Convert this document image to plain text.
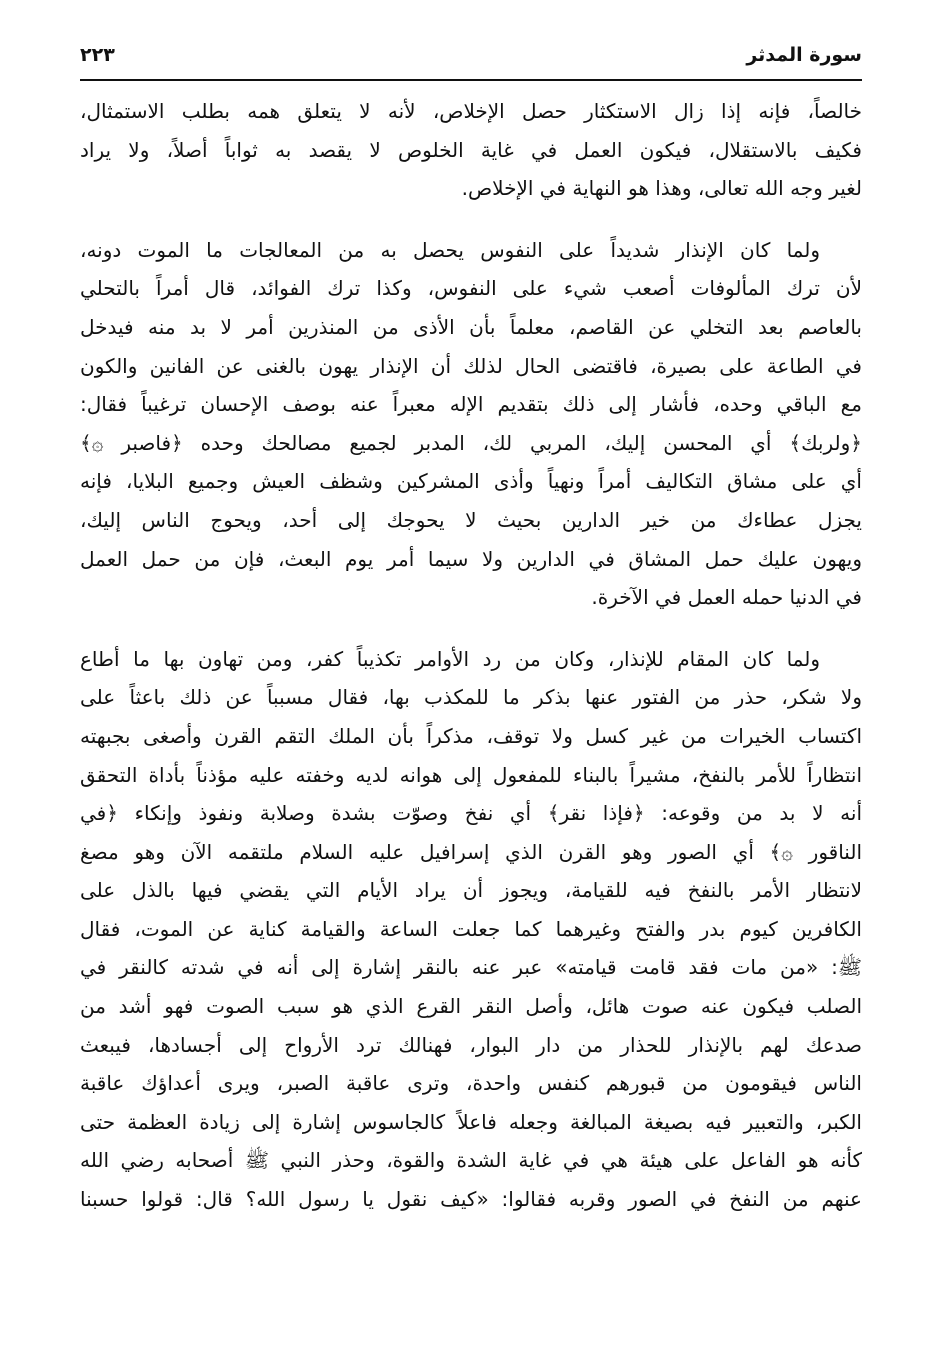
سورة المدثر
٢٢٣
خالصاً، فإنه إذا زال الاستكثار حصل الإخلاص، لأنه لا يتعلق همه بطلب الاستمثال،
فكيف بالاستقلال، فيكون العمل في غاية الخلوص لا يقصد به ثواباً أصلاً، ولا يراد
لغير وجه الله تعالى، وهذا هو النهاية في الإخلاص.
ولما كان الإنذار شديداً على النفوس يحصل به من المعالجات ما الموت دونه،
لأن ترك المألوفات أصعب شيء على النفوس، وكذا ترك الفوائد، قال أمراً بالتحلي
بالعاصم بعد التخلي عن القاصم، معلماً بأن الأذى من المنذرين أمر لا بد منه فيدخل
في الطاعة على بصيرة، فاقتضى الحال لذلك أن الإنذار يهون بالغنى عن الفانين والكون
مع الباقي وحده، فأشار إلى ذلك بتقديم الإله معبراً عنه بوصف الإحسان ترغيباً فقال:
﴿ولربك﴾ أي المحسن إليك، المربي لك، المدبر لجميع مصالحك وحده ﴿فاصبر ۞﴾
أي على مشاق التكاليف أمراً ونهياً وأذى المشركين وشظف العيش وجميع البلايا، فإنه
يجزل عطاءك من خير الدارين بحيث لا يحوجك إلى أحد، ويحوج الناس إليك،
ويهون عليك حمل المشاق في الدارين ولا سيما أمر يوم البعث، فإن من حمل العمل
في الدنيا حمله العمل في الآخرة.
ولما كان المقام للإنذار، وكان من رد الأوامر تكذيباً كفر، ومن تهاون بها ما أطاع
ولا شكر، حذر من الفتور عنها بذكر ما للمكذب بها، فقال مسبباً عن ذلك باعثاً على
اكتساب الخيرات من غير كسل ولا توقف، مذكراً بأن الملك التقم القرن وأصغى بجبهته
انتظاراً للأمر بالنفخ، مشيراً بالبناء للمفعول إلى هوانه لديه وخفته عليه مؤذناً بأداة التحقق
أنه لا بد من وقوعه: ﴿فإذا نقر﴾ أي نفخ وصوّت بشدة وصلابة ونفوذ وإنكاء ﴿في
الناقور ۞﴾ أي الصور وهو القرن الذي إسرافيل عليه السلام ملتقمه الآن وهو مصغ
لانتظار الأمر بالنفخ فيه للقيامة، ويجوز أن يراد الأيام التي يقضي فيها بالذل على
الكافرين كيوم بدر والفتح وغيرهما كما جعلت الساعة والقيامة كناية عن الموت، فقال
ﷺ: «من مات فقد قامت قيامته» عبر عنه بالنقر إشارة إلى أنه في شدته كالنقر في
الصلب فيكون عنه صوت هائل، وأصل النقر القرع الذي هو سبب الصوت فهو أشد من
صدعك لهم بالإنذار للحذار من دار البوار، فهنالك ترد الأرواح إلى أجسادها، فيبعث
الناس فيقومون من قبورهم كنفس واحدة، وترى عاقبة الصبر، ويرى أعداؤك عاقبة
الكبر، والتعبير فيه بصيغة المبالغة وجعله فاعلاً كالجاسوس إشارة إلى زيادة العظمة حتى
كأنه هو الفاعل على هيئة هي في غاية الشدة والقوة، وحذر النبي ﷺ أصحابه رضي الله
عنهم من النفخ في الصور وقربه فقالوا: «كيف نقول يا رسول الله؟ قال: قولوا حسبنا
